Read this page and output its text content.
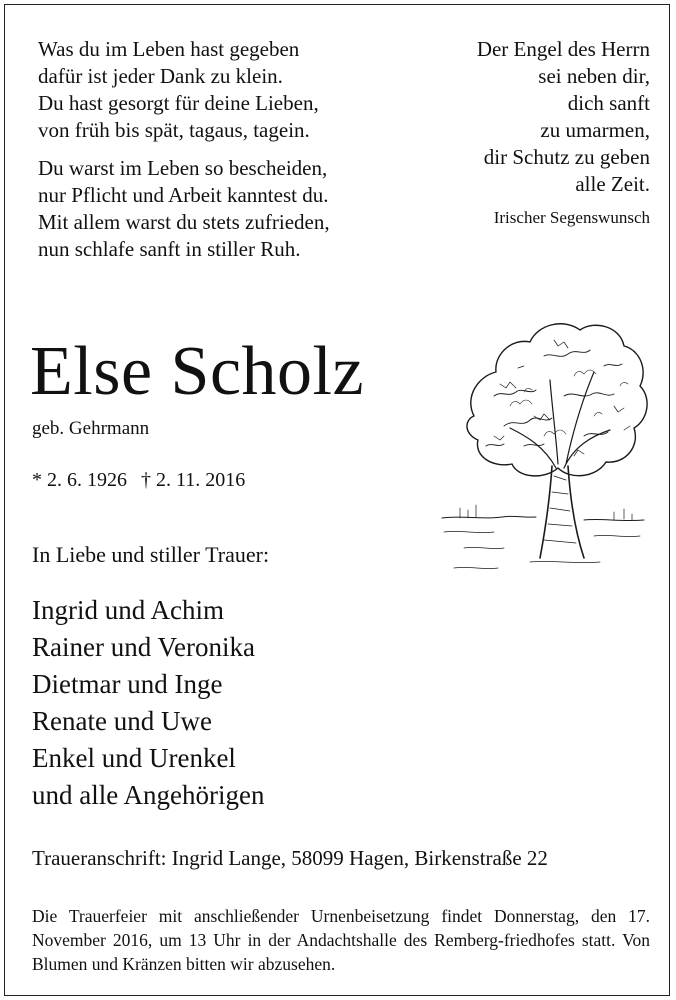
Was du im Leben hast gegeben
dafür ist jeder Dank zu klein.
Du hast gesorgt für deine Lieben,
von früh bis spät, tagaus, tagein.
Du warst im Leben so bescheiden,
nur Pflicht und Arbeit kanntest du.
Mit allem warst du stets zufrieden,
nun schlafe sanft in stiller Ruh.
Der Engel des Herrn
sei neben dir,
dich sanft
zu umarmen,
dir Schutz zu geben
alle Zeit.
Irischer Segenswunsch
Else Scholz
geb. Gehrmann
* 2. 6. 1926 † 2. 11. 2016
In Liebe und stiller Trauer:
Ingrid und Achim
Rainer und Veronika
Dietmar und Inge
Renate und Uwe
Enkel und Urenkel
und alle Angehörigen
Traueranschrift: Ingrid Lange, 58099 Hagen, Birkenstraße 22
Die Trauerfeier mit anschließender Urnenbeisetzung findet Donnerstag, den 17. November 2016, um 13 Uhr in der Andachtshalle des Remberg-friedhofes statt. Von Blumen und Kränzen bitten wir abzusehen.
